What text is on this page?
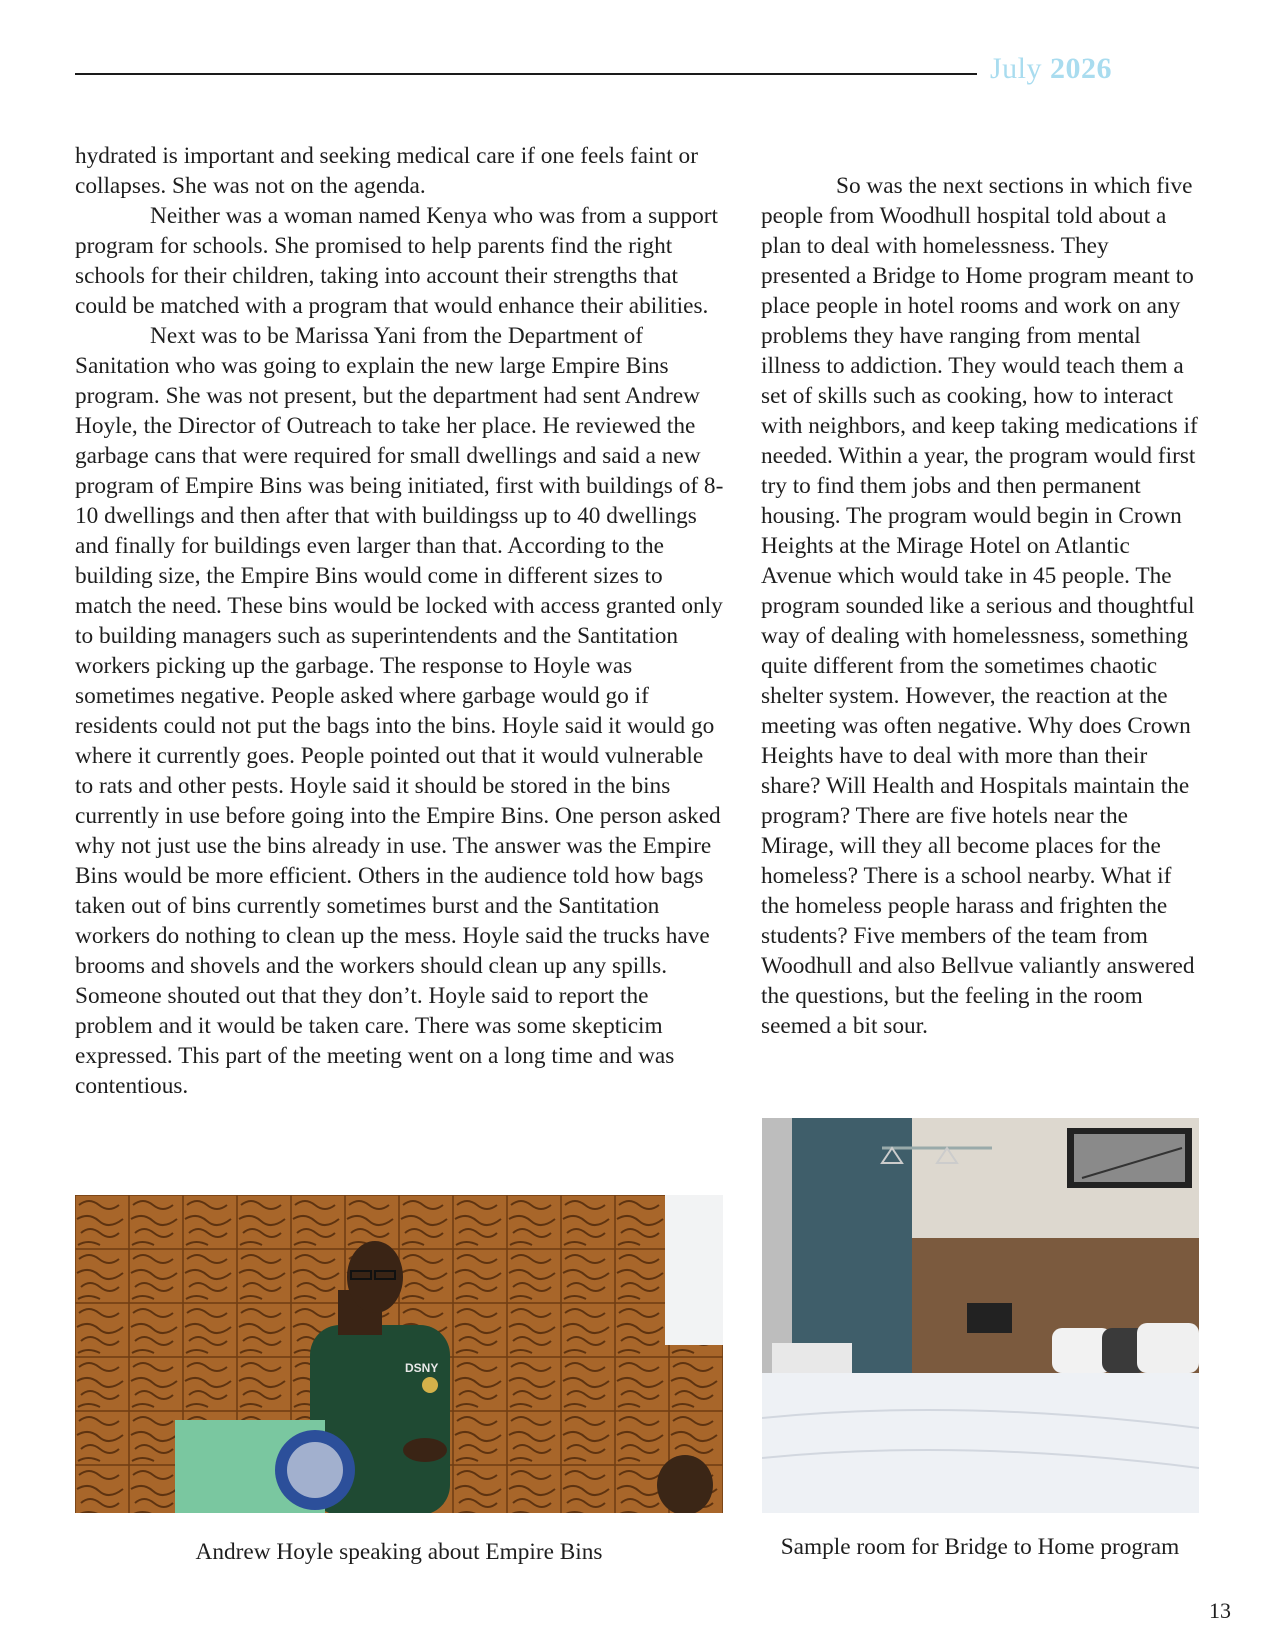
July 2026

hydrated is important and seeking medical care if one feels faint or collapses. She was not on the agenda.

Neither was a woman named Kenya who was from a support program for schools. She promised to help parents find the right schools for their children, taking into account their strengths that could be matched with a program that would enhance their abilities.

Next was to be Marissa Yani from the Department of Sanitation who was going to explain the new large Empire Bins program. She was not present, but the department had sent Andrew Hoyle, the Director of Outreach to take her place. He reviewed the garbage cans that were required for small dwellings and said a new program of Empire Bins was being initiated, first with buildings of 8-10 dwellings and then after that with buildingss up to 40 dwellings and finally for buildings even larger than that. According to the building size, the Empire Bins would come in different sizes to match the need. These bins would be locked with access granted only to building managers such as superintendents and the Santitation workers picking up the garbage. The response to Hoyle was sometimes negative. People asked where garbage would go if residents could not put the bags into the bins. Hoyle said it would go where it currently goes. People pointed out that it would vulnerable to rats and other pests. Hoyle said it should be stored in the bins currently in use before going into the Empire Bins. One person asked why not just use the bins already in use. The answer was the Empire Bins would be more efficient. Others in the audience told how bags taken out of bins currently sometimes burst and the Santitation workers do nothing to clean up the mess. Hoyle said the trucks have brooms and shovels and the workers should clean up any spills. Someone shouted out that they don’t. Hoyle said to report the problem and it would be taken care. There was some skepticim expressed. This part of the meeting went on a long time and was contentious.

So was the next sections in which five people from Woodhull hospital told about a plan to deal with homelessness. They presented a Bridge to Home program meant to place people in hotel rooms and work on any problems they have ranging from mental illness to addiction. They would teach them a set of skills such as cooking, how to interact with neighbors, and keep taking medications if needed. Within a year, the program would first try to find them jobs and then permanent housing. The program would begin in Crown Heights at the Mirage Hotel on Atlantic Avenue which would take in 45 people. The program sounded like a serious and thoughtful way of dealing with homelessness, something quite different from the sometimes chaotic shelter system. However, the reaction at the meeting was often negative. Why does Crown Heights have to deal with more than their share? Will Health and Hospitals maintain the program? There are five hotels near the Mirage, will they all become places for the homeless? There is a school nearby. What if the homeless people harass and frighten the students? Five members of the team from Woodhull and also Bellvue valiantly answered the questions, but the feeling in the room seemed a bit sour.

DSNY
Andrew Hoyle speaking about Empire Bins	Sample room for Bridge to Home program
13
